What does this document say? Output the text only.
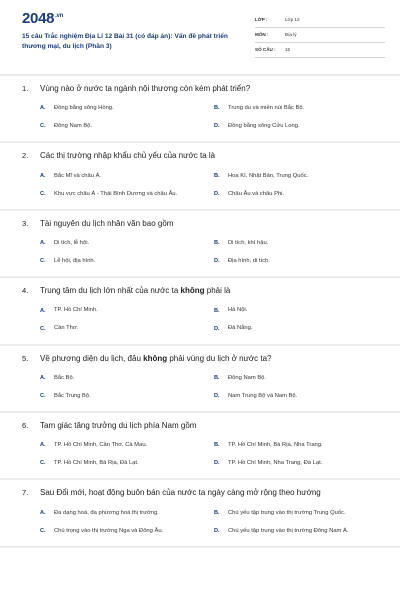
$2048^{.vn}$
15 câu Trắc nghiệm Địa Lí 12 Bài 31 (có đáp án): Vấn đề phát triển thương mại, du lịch (Phần 3)
LỚP :	Lớp 12
MÔN :	Địa lý
SỐ CÂU : 15
1.	Vùng nào ở nước ta ngành nội thương còn kém phát triển?
A.	Đồng bằng sông Hồng.	B.	Trung du và miền núi Bắc Bộ.
C.	Đông Nam Bộ.	D.	Đồng bằng sông Cửu Long.
2.	Các thị trường nhập khẩu chủ yếu của nước ta là
A.	Bắc Mĩ và châu Á.	B.	Hoa Kì, Nhật Bản, Trung Quốc.
C.	Khu vực châu Á - Thái Bình Dương và châu Âu.	D.	Châu Âu và châu Phi.
3.	Tài nguyên du lịch nhân văn bao gồm
A.	Di tích, lễ hội.	B.	Di tích, khí hậu.
C.	Lễ hội, địa hình.	D.	Địa hình, di tích.
4.	Trung tâm du lịch lớn nhất của nước ta không phải là
A.	TP. Hồ Chí Minh.	B.	Hà Nội.
C.	Cần Thơ.	D.	Đà Nẵng.
5.	Về phương diện du lịch, đâu không phải vùng du lịch ở nước ta?
A.	Bắc Bộ.	B.	Đông Nam Bộ.
C.	Bắc Trung Bộ.	D.	Nam Trung Bộ và Nam Bộ.
6.	Tam giác tăng trưởng du lịch phía Nam gồm
A.	TP. Hồ Chí Minh, Cần Thơ, Cà Mau.	B.	TP. Hồ Chí Minh, Bà Rịa, Nha Trang.
C.	TP. Hồ Chí Minh, Bà Rịa, Đà Lạt.	D.	TP. Hồ Chí Minh, Nha Trang, Đà Lạt.
7.	Sau Đổi mới, hoạt động buôn bán của nước ta ngày càng mở rộng theo hướng
A.	Đa dạng hoá, đa phương hoá thị trường.	B.	Chú yếu tập trung vào thị trường Trung Quốc.
C.	Chú trọng vào thị trường Nga và Đông Âu.	D.	Chú yếu tập trung vào thị trường Đông Nam Á.
